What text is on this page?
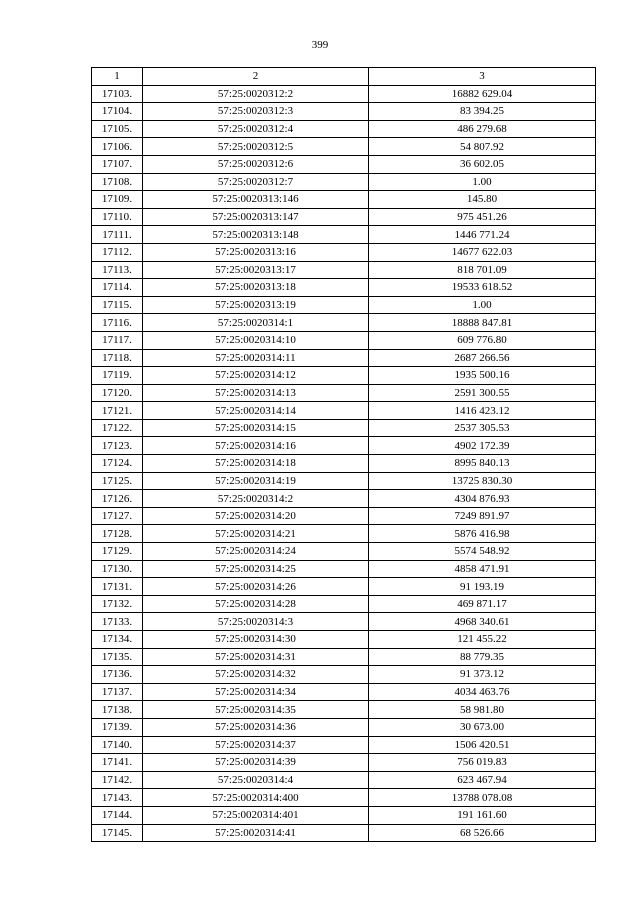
399
1	2	3
17103.	57:25:0020312:2	16882 629.04
17104.	57:25:0020312:3	83 394.25
17105.	57:25:0020312:4	486 279.68
17106.	57:25:0020312:5	54 807.92
17107.	57:25:0020312:6	36 602.05
17108.	57:25:0020312:7	1.00
17109.	57:25:0020313:146	145.80
17110.	57:25:0020313:147	975 451.26
17111.	57:25:0020313:148	1446 771.24
17112.	57:25:0020313:16	14677 622.03
17113.	57:25:0020313:17	818 701.09
17114.	57:25:0020313:18	19533 618.52
17115.	57:25:0020313:19	1.00
17116.	57:25:0020314:1	18888 847.81
17117.	57:25:0020314:10	609 776.80
17118.	57:25:0020314:11	2687 266.56
17119.	57:25:0020314:12	1935 500.16
17120.	57:25:0020314:13	2591 300.55
17121.	57:25:0020314:14	1416 423.12
17122.	57:25:0020314:15	2537 305.53
17123.	57:25:0020314:16	4902 172.39
17124.	57:25:0020314:18	8995 840.13
17125.	57:25:0020314:19	13725 830.30
17126.	57:25:0020314:2	4304 876.93
17127.	57:25:0020314:20	7249 891.97
17128.	57:25:0020314:21	5876 416.98
17129.	57:25:0020314:24	5574 548.92
17130.	57:25:0020314:25	4858 471.91
17131.	57:25:0020314:26	91 193.19
17132.	57:25:0020314:28	469 871.17
17133.	57:25:0020314:3	4968 340.61
17134.	57:25:0020314:30	121 455.22
17135.	57:25:0020314:31	88 779.35
17136.	57:25:0020314:32	91 373.12
17137.	57:25:0020314:34	4034 463.76
17138.	57:25:0020314:35	58 981.80
17139.	57:25:0020314:36	30 673.00
17140.	57:25:0020314:37	1506 420.51
17141.	57:25:0020314:39	756 019.83
17142.	57:25:0020314:4	623 467.94
17143.	57:25:0020314:400	13788 078.08
17144.	57:25:0020314:401	191 161.60
17145.	57:25:0020314:41	68 526.66
